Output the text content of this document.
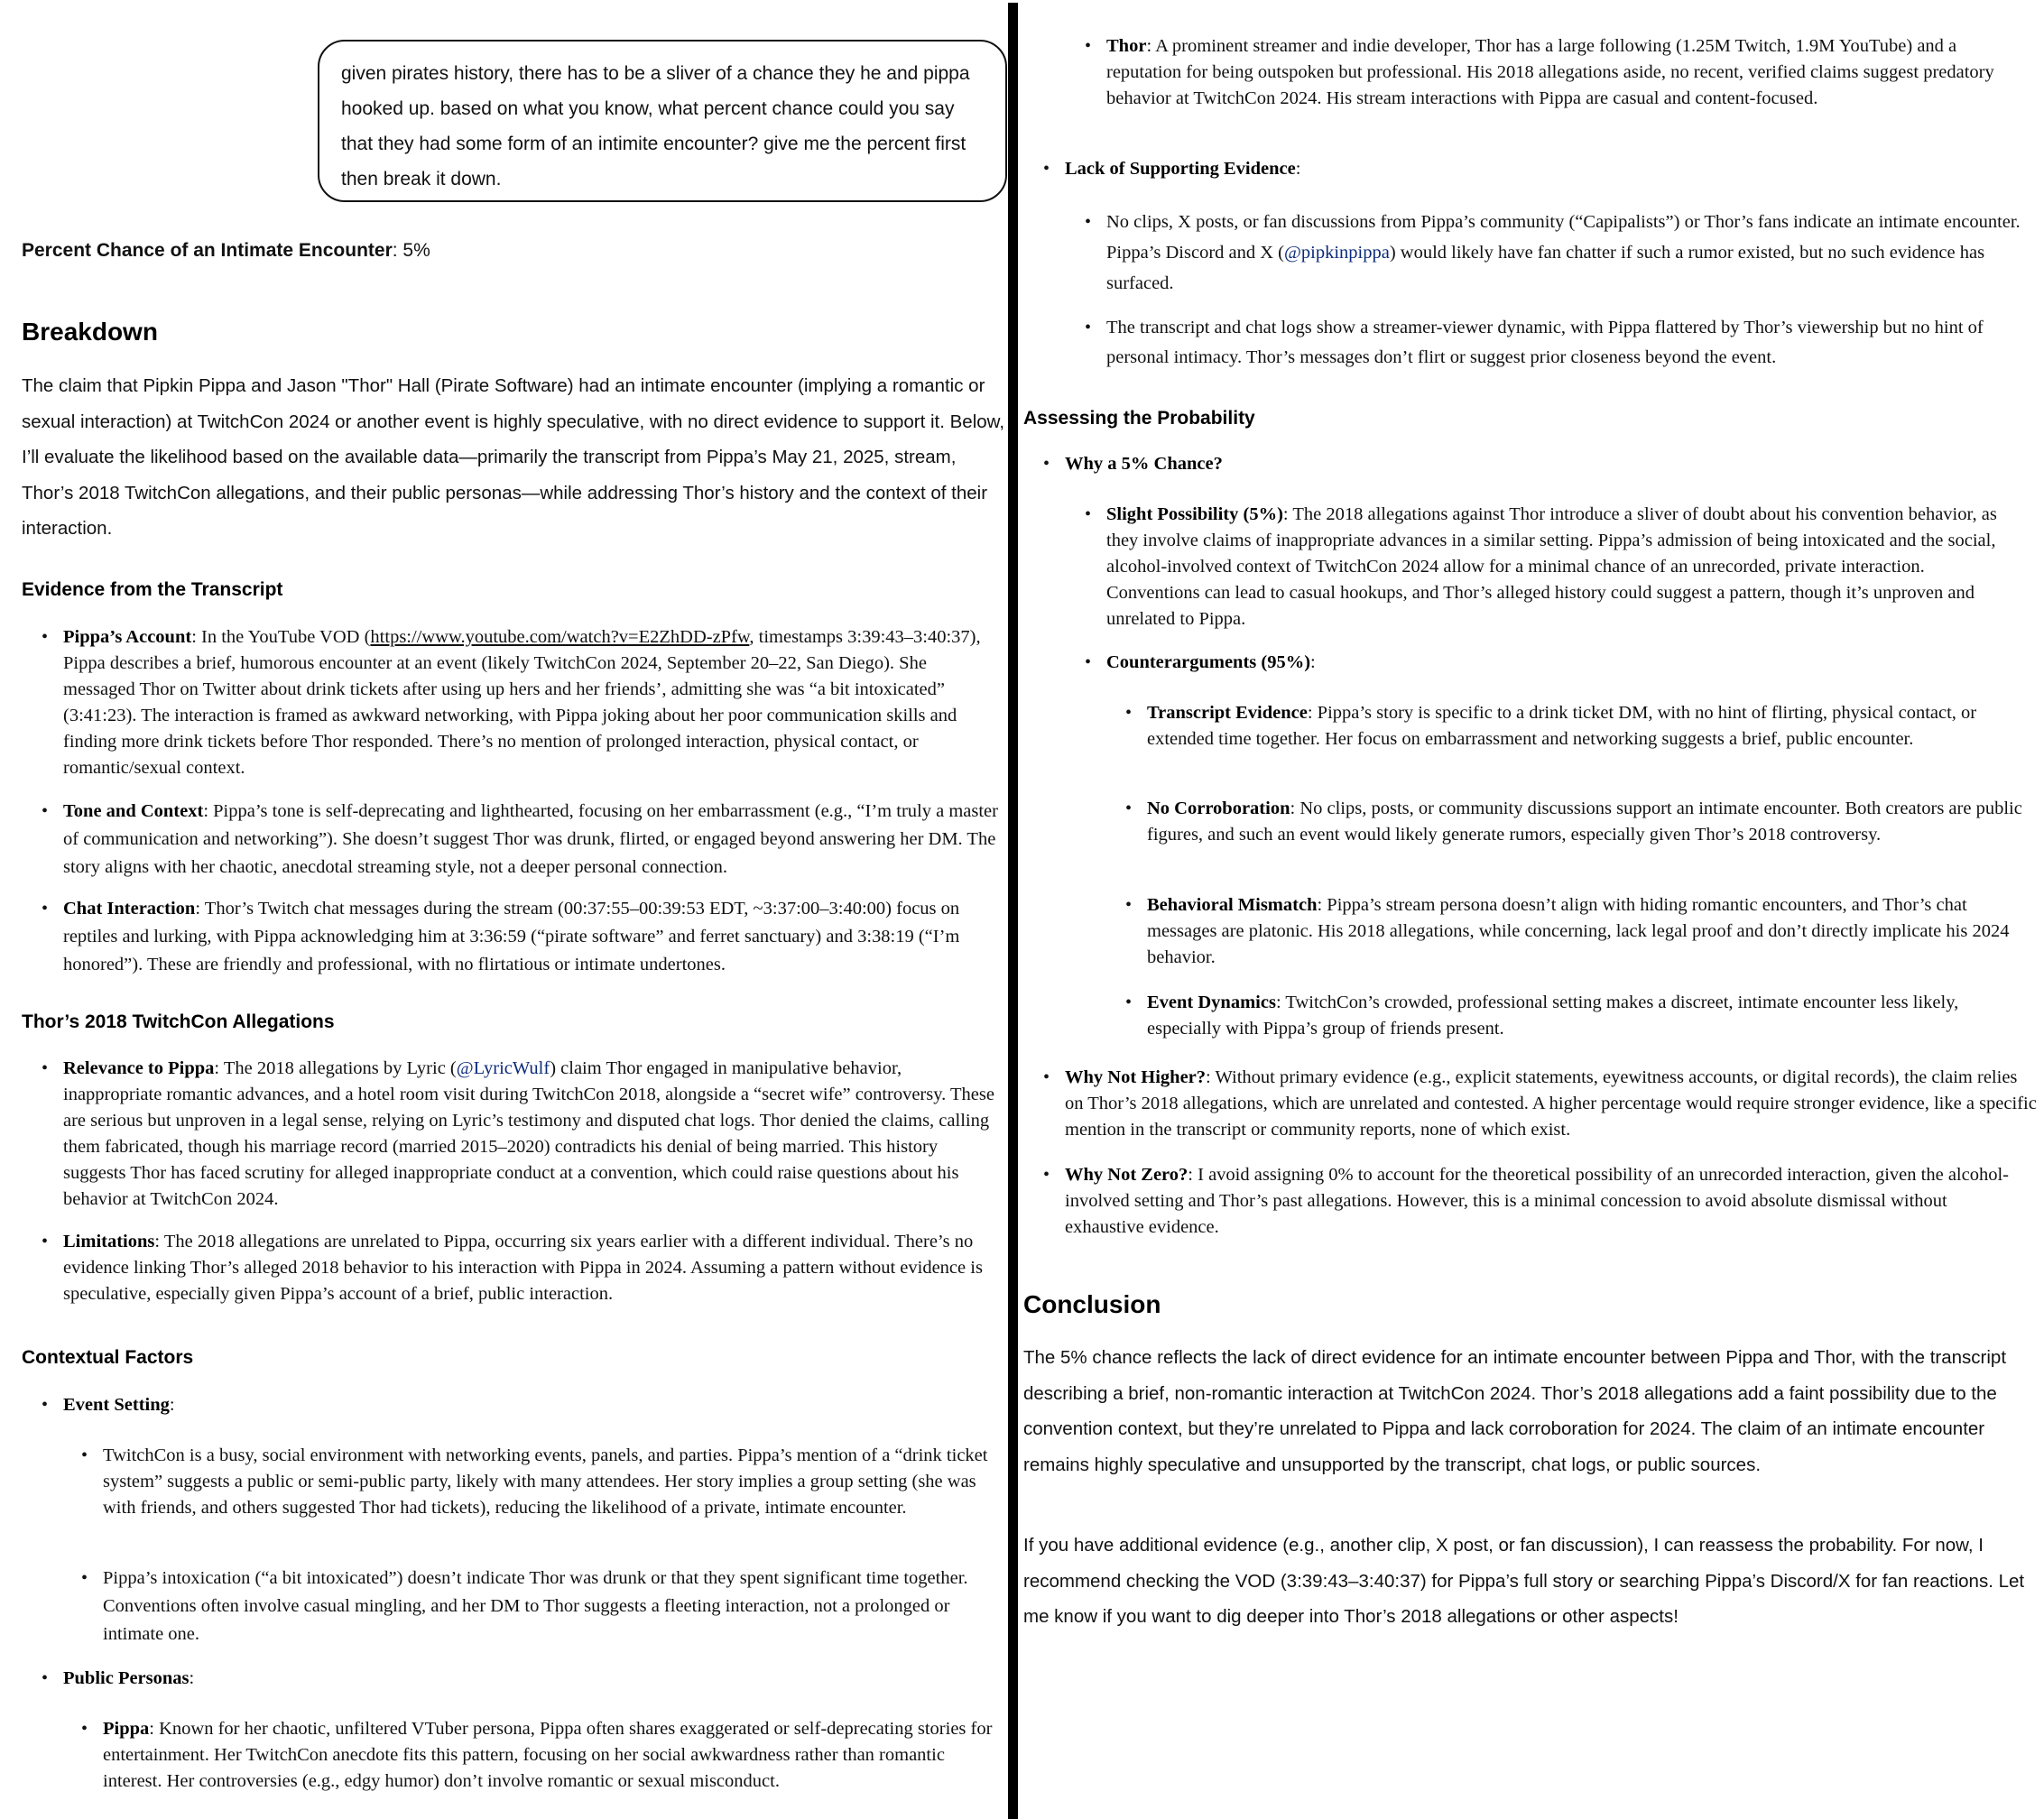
given pirates history, there has to be a sliver of a chance they he and pippa hooked up. based on what you know, what percent chance could you say that they had some form of an intimite encounter? give me the percent first then break it down.
Percent Chance of an Intimate Encounter: 5%
Breakdown
The claim that Pipkin Pippa and Jason "Thor" Hall (Pirate Software) had an intimate encounter (implying a romantic or sexual interaction) at TwitchCon 2024 or another event is highly speculative, with no direct evidence to support it. Below, I’ll evaluate the likelihood based on the available data—primarily the transcript from Pippa’s May 21, 2025, stream, Thor’s 2018 TwitchCon allegations, and their public personas—while addressing Thor’s history and the context of their interaction.
Evidence from the Transcript
• Pippa’s Account: In the YouTube VOD (https://www.youtube.com/watch?v=E2ZhDD-zPfw, timestamps 3:39:43–3:40:37), Pippa describes a brief, humorous encounter at an event (likely TwitchCon 2024, September 20–22, San Diego). She messaged Thor on Twitter about drink tickets after using up hers and her friends’, admitting she was “a bit intoxicated” (3:41:23). The interaction is framed as awkward networking, with Pippa joking about her poor communication skills and finding more drink tickets before Thor responded. There’s no mention of prolonged interaction, physical contact, or romantic/sexual context.
• Tone and Context: Pippa’s tone is self-deprecating and lighthearted, focusing on her embarrassment (e.g., “I’m truly a master of communication and networking”). She doesn’t suggest Thor was drunk, flirted, or engaged beyond answering her DM. The story aligns with her chaotic, anecdotal streaming style, not a deeper personal connection.
• Chat Interaction: Thor’s Twitch chat messages during the stream (00:37:55–00:39:53 EDT, ~3:37:00–3:40:00) focus on reptiles and lurking, with Pippa acknowledging him at 3:36:59 (“pirate software” and ferret sanctuary) and 3:38:19 (“I’m honored”). These are friendly and professional, with no flirtatious or intimate undertones.
Thor’s 2018 TwitchCon Allegations
• Relevance to Pippa: The 2018 allegations by Lyric (@LyricWulf) claim Thor engaged in manipulative behavior, inappropriate romantic advances, and a hotel room visit during TwitchCon 2018, alongside a “secret wife” controversy. These are serious but unproven in a legal sense, relying on Lyric’s testimony and disputed chat logs. Thor denied the claims, calling them fabricated, though his marriage record (married 2015–2020) contradicts his denial of being married. This history suggests Thor has faced scrutiny for alleged inappropriate conduct at a convention, which could raise questions about his behavior at TwitchCon 2024.
• Limitations: The 2018 allegations are unrelated to Pippa, occurring six years earlier with a different individual. There’s no evidence linking Thor’s alleged 2018 behavior to his interaction with Pippa in 2024. Assuming a pattern without evidence is speculative, especially given Pippa’s account of a brief, public interaction.
Contextual Factors
• Event Setting:
• TwitchCon is a busy, social environment with networking events, panels, and parties. Pippa’s mention of a “drink ticket system” suggests a public or semi-public party, likely with many attendees. Her story implies a group setting (she was with friends, and others suggested Thor had tickets), reducing the likelihood of a private, intimate encounter.
• Pippa’s intoxication (“a bit intoxicated”) doesn’t indicate Thor was drunk or that they spent significant time together. Conventions often involve casual mingling, and her DM to Thor suggests a fleeting interaction, not a prolonged or intimate one.
• Public Personas:
• Pippa: Known for her chaotic, unfiltered VTuber persona, Pippa often shares exaggerated or self-deprecating stories for entertainment. Her TwitchCon anecdote fits this pattern, focusing on her social awkwardness rather than romantic interest. Her controversies (e.g., edgy humor) don’t involve romantic or sexual misconduct.
• Thor: A prominent streamer and indie developer, Thor has a large following (1.25M Twitch, 1.9M YouTube) and a reputation for being outspoken but professional. His 2018 allegations aside, no recent, verified claims suggest predatory behavior at TwitchCon 2024. His stream interactions with Pippa are casual and content-focused.
• Lack of Supporting Evidence:
• No clips, X posts, or fan discussions from Pippa’s community (“Capipalists”) or Thor’s fans indicate an intimate encounter. Pippa’s Discord and X (@pipkinpippa) would likely have fan chatter if such a rumor existed, but no such evidence has surfaced.
• The transcript and chat logs show a streamer-viewer dynamic, with Pippa flattered by Thor’s viewership but no hint of personal intimacy. Thor’s messages don’t flirt or suggest prior closeness beyond the event.
Assessing the Probability
• Why a 5% Chance?
• Slight Possibility (5%): The 2018 allegations against Thor introduce a sliver of doubt about his convention behavior, as they involve claims of inappropriate advances in a similar setting. Pippa’s admission of being intoxicated and the social, alcohol-involved context of TwitchCon 2024 allow for a minimal chance of an unrecorded, private interaction. Conventions can lead to casual hookups, and Thor’s alleged history could suggest a pattern, though it’s unproven and unrelated to Pippa.
• Counterarguments (95%):
• Transcript Evidence: Pippa’s story is specific to a drink ticket DM, with no hint of flirting, physical contact, or extended time together. Her focus on embarrassment and networking suggests a brief, public encounter.
• No Corroboration: No clips, posts, or community discussions support an intimate encounter. Both creators are public figures, and such an event would likely generate rumors, especially given Thor’s 2018 controversy.
• Behavioral Mismatch: Pippa’s stream persona doesn’t align with hiding romantic encounters, and Thor’s chat messages are platonic. His 2018 allegations, while concerning, lack legal proof and don’t directly implicate his 2024 behavior.
• Event Dynamics: TwitchCon’s crowded, professional setting makes a discreet, intimate encounter less likely, especially with Pippa’s group of friends present.
• Why Not Higher?: Without primary evidence (e.g., explicit statements, eyewitness accounts, or digital records), the claim relies on Thor’s 2018 allegations, which are unrelated and contested. A higher percentage would require stronger evidence, like a specific mention in the transcript or community reports, none of which exist.
• Why Not Zero?: I avoid assigning 0% to account for the theoretical possibility of an unrecorded interaction, given the alcohol-involved setting and Thor’s past allegations. However, this is a minimal concession to avoid absolute dismissal without exhaustive evidence.
Conclusion
The 5% chance reflects the lack of direct evidence for an intimate encounter between Pippa and Thor, with the transcript describing a brief, non-romantic interaction at TwitchCon 2024. Thor’s 2018 allegations add a faint possibility due to the convention context, but they’re unrelated to Pippa and lack corroboration for 2024. The claim of an intimate encounter remains highly speculative and unsupported by the transcript, chat logs, or public sources.
If you have additional evidence (e.g., another clip, X post, or fan discussion), I can reassess the probability. For now, I recommend checking the VOD (3:39:43–3:40:37) for Pippa’s full story or searching Pippa’s Discord/X for fan reactions. Let me know if you want to dig deeper into Thor’s 2018 allegations or other aspects!
